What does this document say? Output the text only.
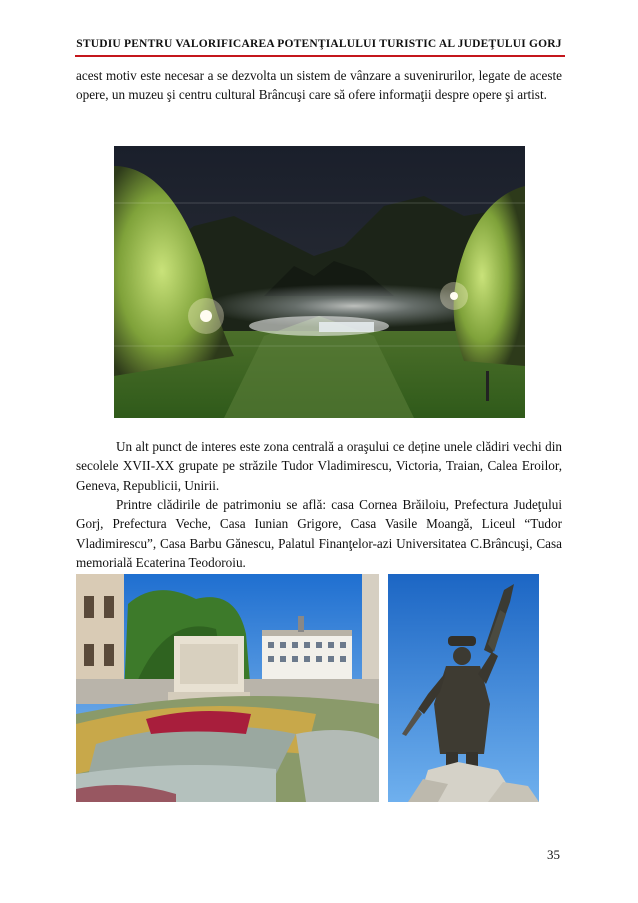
STUDIU PENTRU VALORIFICAREA POTENŢIALULUI TURISTIC AL JUDEŢULUI GORJ

acest motiv este necesar a se dezvolta un sistem de vânzare a suvenirurilor, legate de aceste opere, un muzeu şi centru cultural Brâncuşi care să ofere informaţii despre opere şi artist.

Un alt punct de interes este zona centrală a oraşului ce deține unele clădiri vechi din secolele XVII-XX grupate pe străzile Tudor Vladimirescu, Victoria, Traian, Calea Eroilor, Geneva, Republicii, Unirii.

Printre clădirile de patrimoniu se află: casa Cornea Brăiloiu, Prefectura Judeţului Gorj, Prefectura Veche, Casa Iunian Grigore, Casa Vasile Moangă, Liceul “Tudor Vladimirescu”, Casa Barbu Gănescu, Palatul Finanţelor-azi Universitatea C.Brâncuşi, Casa memorială Ecaterina Teodoroiu.

35
